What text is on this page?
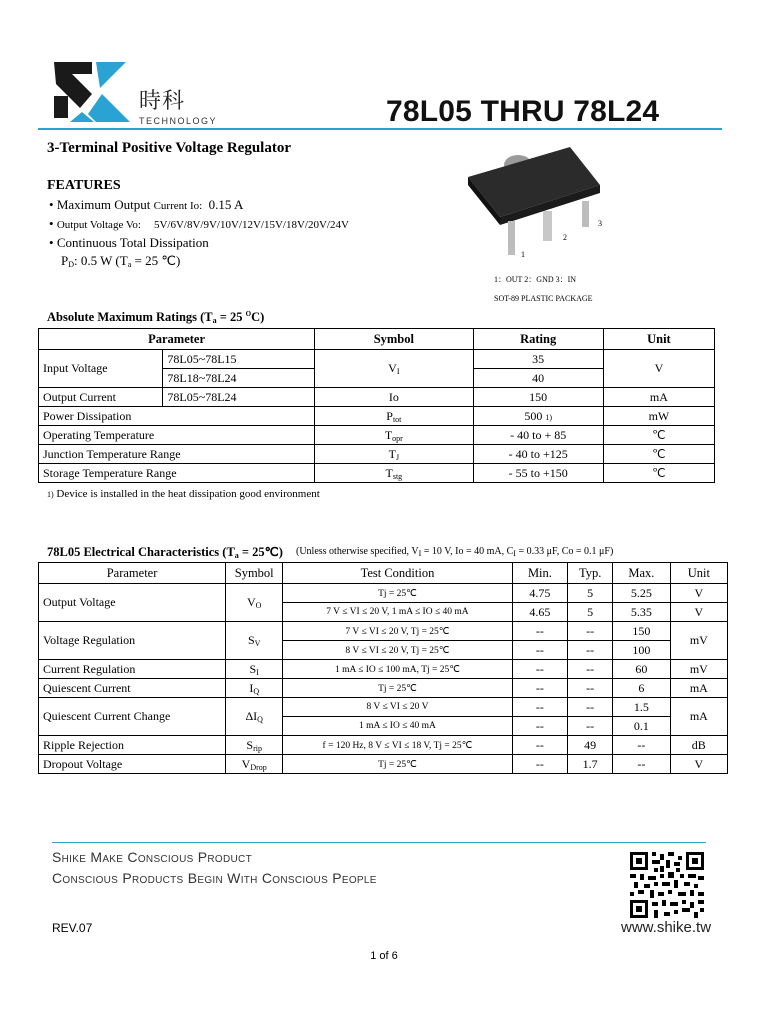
時科
TECHNOLOGY	78L05 THRU 78L24
3-Terminal Positive Voltage Regulator
FEATURES
• Maximum Output Current Io: 0.15 A
• Output Voltage Vo: 5V/6V/8V/9V/10V/12V/15V/18V/20V/24V
• Continuous Total Dissipation
$P_D$: 0.5 W ($T_a = 25$ ℃)	1
2
3
1：OUT 2：GND 3：IN
SOT-89 PLASTIC PACKAGE
Absolute Maximum Ratings ($T_a = 25$ $^O$C)
Parameter		Symbol	Rating	Unit
Input Voltage	78L05~78L15	$V_I$	35	V
	78L18~78L24		40	
Output Current	78L05~78L24	Io	150	mA
Power Dissipation		$P_{tot}$	500 1)	mW
Operating Temperature		$T_{opr}$	- 40 to + 85	℃
Junction Temperature Range		$T_J$	- 40 to +125	℃
Storage Temperature Range		$T_{stg}$	- 55 to +150	℃
1) Device is installed in the heat dissipation good environment
78L05 Electrical Characteristics ($T_a$ = 25℃) (Unless otherwise specified, $V_I = 10$ V, Io = 40 mA, $C_I = 0.33$ μF, Co = 0.1 μF)
Parameter	Symbol	Test Condition	Min.	Typ.	Max.	Unit
Output Voltage	$V_O$	Tj = 25℃	4.75	5	5.25	V
		7 V ≤ VI ≤ 20 V, 1 mA ≤ IO ≤ 40 mA	4.65	5	5.35	V
Voltage Regulation	$S_V$	7 V ≤ VI ≤ 20 V, Tj = 25℃	--	--	150	mV
		8 V ≤ VI ≤ 20 V, Tj = 25℃	--	--	100	
Current Regulation	$S_I$	1 mA ≤ IO ≤ 100 mA, Tj = 25℃	--	--	60	mV
Quiescent Current	$I_Q$	Tj = 25℃	--	--	6	mA
Quiescent Current Change	$\Delta I_Q$	8 V ≤ VI ≤ 20 V	--	--	1.5	mA
		1 mA ≤ IO ≤ 40 mA	--	--	0.1	
Ripple Rejection	$S_{rip}$	f = 120 Hz, 8 V ≤ VI ≤ 18 V, Tj = 25℃	--	49	--	dB
Dropout Voltage	$V_{Drop}$	Tj = 25℃	--	1.7	--	V
Shike Make Conscious Product
Conscious Products Begin With Conscious People
REV.07	www.shike.tw
1 of 6
